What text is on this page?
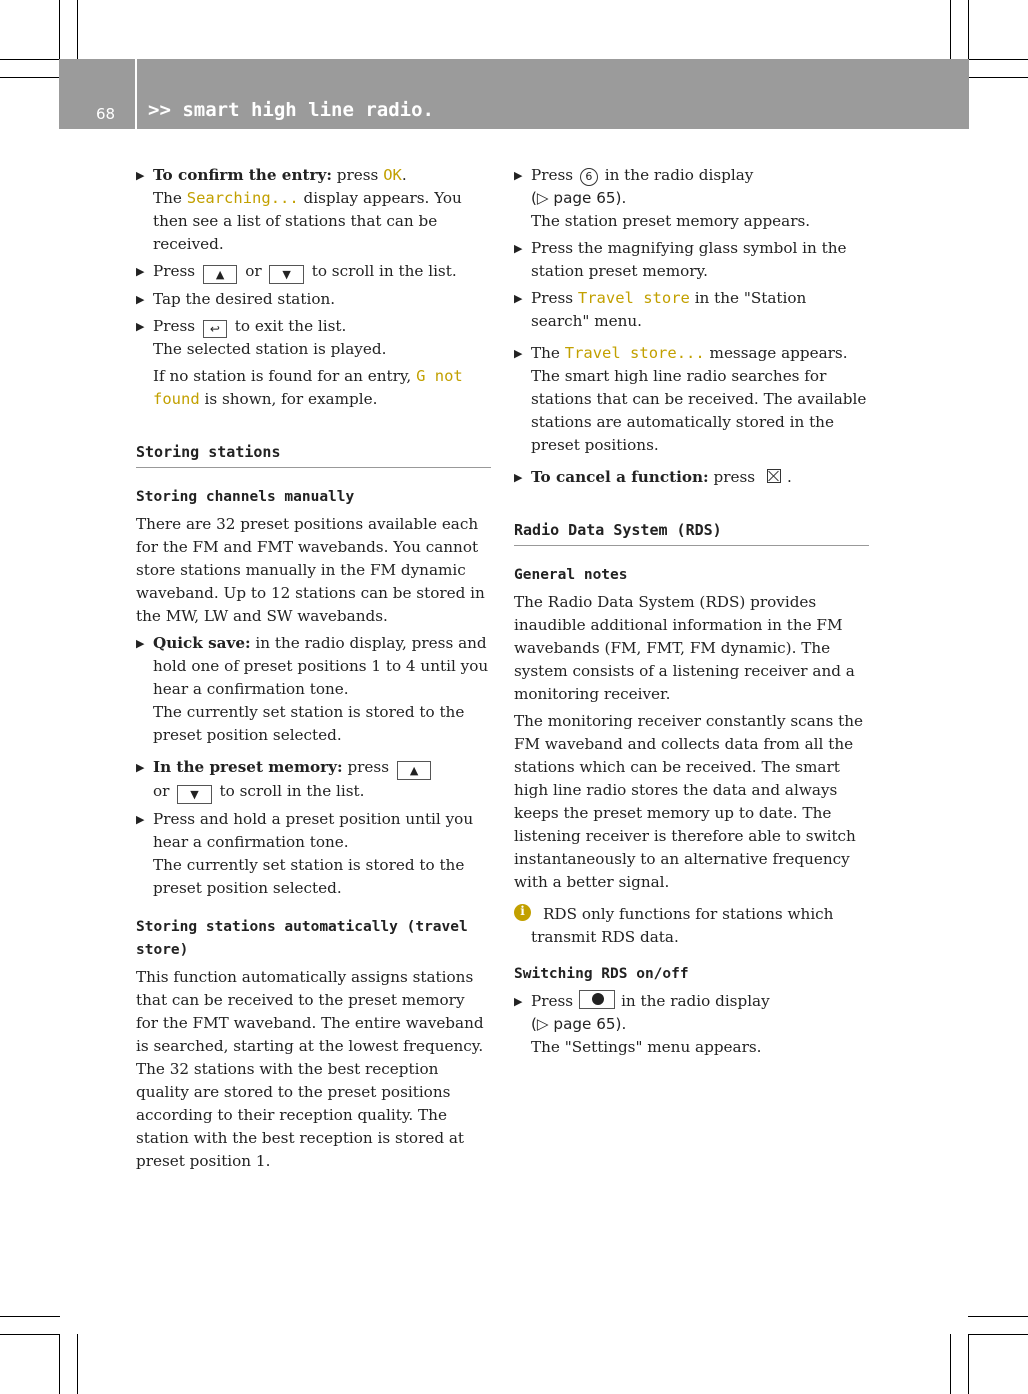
68 >> smart high line radio.
▶ To confirm the entry: press OK.

The Searching... display appears. You then see a list of stations that can be received.

▶ Press ▲ or ▼ to scroll in the list.

▶ Tap the desired station.

▶ Press ↩ to exit the list.

The selected station is played.

If no station is found for an entry, G not found is shown, for example.

Storing stations
Storing channels manually

There are 32 preset positions available each for the FM and FMT wavebands. You cannot store stations manually in the FM dynamic waveband. Up to 12 stations can be stored in the MW, LW and SW wavebands.

▶ Quick save: in the radio display, press and hold one of preset positions 1 to 4 until you hear a confirmation tone.

The currently set station is stored to the preset position selected.

▶ In the preset memory: press ▲
or ▼ to scroll in the list.

▶ Press and hold a preset position until you hear a confirmation tone.

The currently set station is stored to the preset position selected.

Storing stations automatically (travel store)

This function automatically assigns stations that can be received to the preset memory for the FMT waveband. The entire waveband is searched, starting at the lowest frequency. The 32 stations with the best reception quality are stored to the preset positions according to their reception quality. The station with the best reception is stored at preset position 1.

▶ Press 6 in the radio display

(▷ page 65).

The station preset memory appears.

▶ Press the magnifying glass symbol in the station preset memory.

▶ Press Travel store in the "Station search" menu.

▶ The Travel store... message appears.

The smart high line radio searches for stations that can be received. The available stations are automatically stored in the preset positions.

▶ To cancel a function: press .

Radio Data System (RDS)
General notes

The Radio Data System (RDS) provides inaudible additional information in the FM wavebands (FM, FMT, FM dynamic). The system consists of a listening receiver and a monitoring receiver.

The monitoring receiver constantly scans the FM waveband and collects data from all the stations which can be received. The smart high line radio stores the data and always keeps the preset memory up to date. The listening receiver is therefore able to switch instantaneously to an alternative frequency with a better signal.

i	RDS only functions for stations which transmit RDS data.

Switching RDS on/off
▶ Press	in the radio display

(▷ page 65).

The "Settings" menu appears.
